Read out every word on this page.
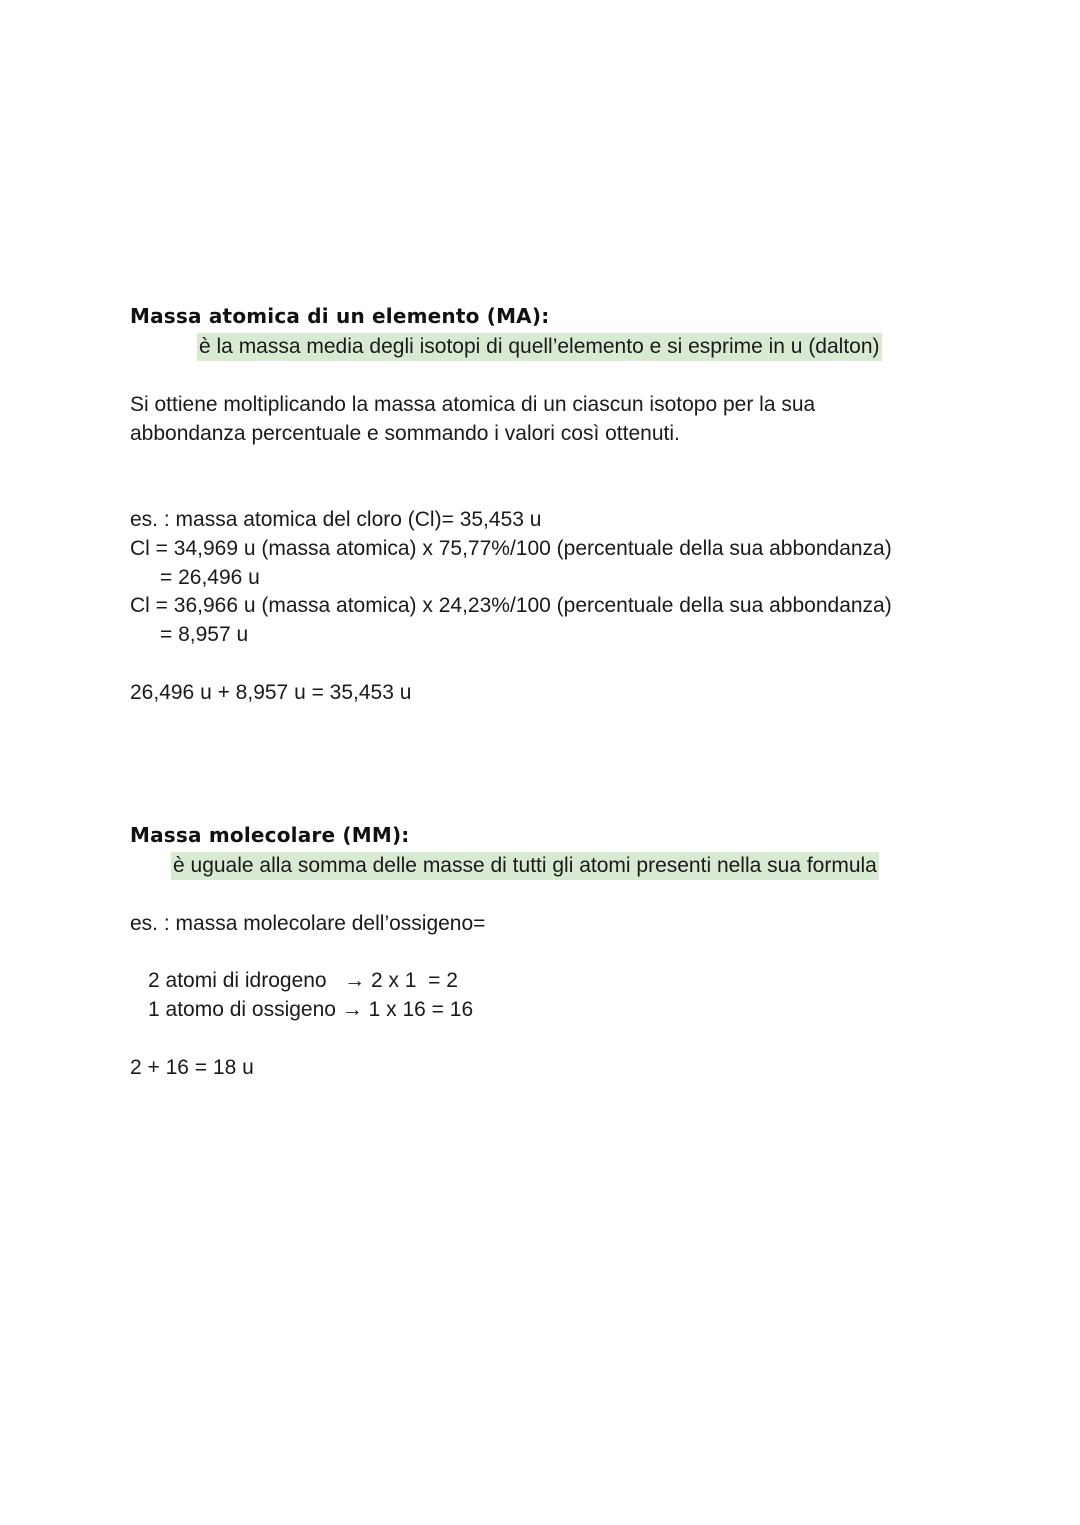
Massa atomica di un elemento (MA):

è la massa media degli isotopi di quell’elemento e si esprime in u (dalton)

Si ottiene moltiplicando la massa atomica di un ciascun isotopo per la sua

abbondanza percentuale e sommando i valori così ottenuti.

es. : massa atomica del cloro (Cl)= 35,453 u

Cl = 34,969 u (massa atomica) x 75,77%/100 (percentuale della sua abbondanza)

= 26,496 u

Cl = 36,966 u (massa atomica) x 24,23%/100 (percentuale della sua abbondanza)

= 8,957 u

26,496 u + 8,957 u = 35,453 u

Massa molecolare (MM):

è uguale alla somma delle masse di tutti gli atomi presenti nella sua formula

es. : massa molecolare dell’ossigeno=

2 atomi di idrogeno   → 2 x 1  = 2

1 atomo di ossigeno → 1 x 16 = 16

2 + 16 = 18 u
